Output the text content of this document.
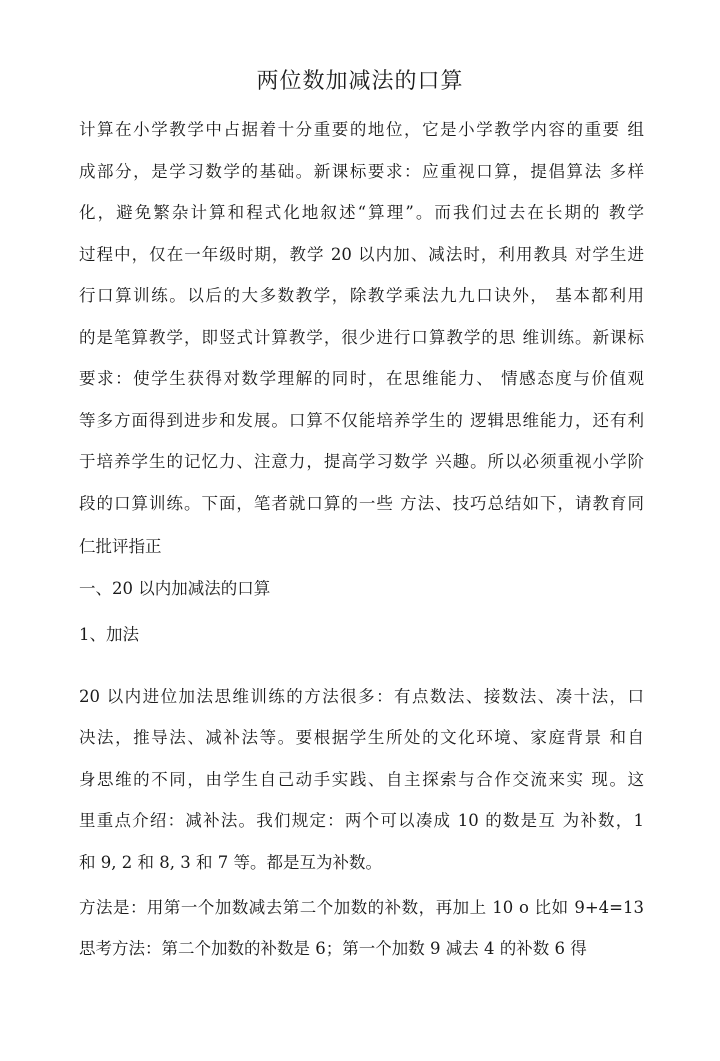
两位数加减法的口算

计算在小学教学中占据着十分重要的地位，它是小学教学内容的重要 组

成部分，是学习数学的基础。新课标要求：应重视口算，提倡算法 多样

化，避免繁杂计算和程式化地叙述“算理”。而我们过去在长期的 教学

过程中，仅在一年级时期，教学 20 以内加、减法时，利用教具 对学生进

行口算训练。以后的大多数教学，除教学乘法九九口诀外， 基本都利用

的是笔算教学，即竖式计算教学，很少进行口算教学的思 维训练。新课标

要求：使学生获得对数学理解的同时，在思维能力、 情感态度与价值观

等多方面得到进步和发展。口算不仅能培养学生的 逻辑思维能力，还有利

于培养学生的记忆力、注意力，提高学习数学 兴趣。所以必须重视小学阶

段的口算训练。下面，笔者就口算的一些 方法、技巧总结如下，请教育同

仁批评指正

一、20 以内加减法的口算

1、加法

20 以内进位加法思维训练的方法很多：有点数法、接数法、凑十法，口

决法，推导法、减补法等。要根据学生所处的文化环境、家庭背景 和自

身思维的不同，由学生自己动手实践、自主探索与合作交流来实 现。这

里重点介绍：减补法。我们规定：两个可以凑成 10 的数是互 为补数，1

和 9, 2 和 8, 3 和 7 等。都是互为补数。

方法是：用第一个加数减去第二个加数的补数，再加上 10 o 比如 9+4=13

思考方法：第二个加数的补数是 6；第一个加数 9 减去 4 的补数 6 得
